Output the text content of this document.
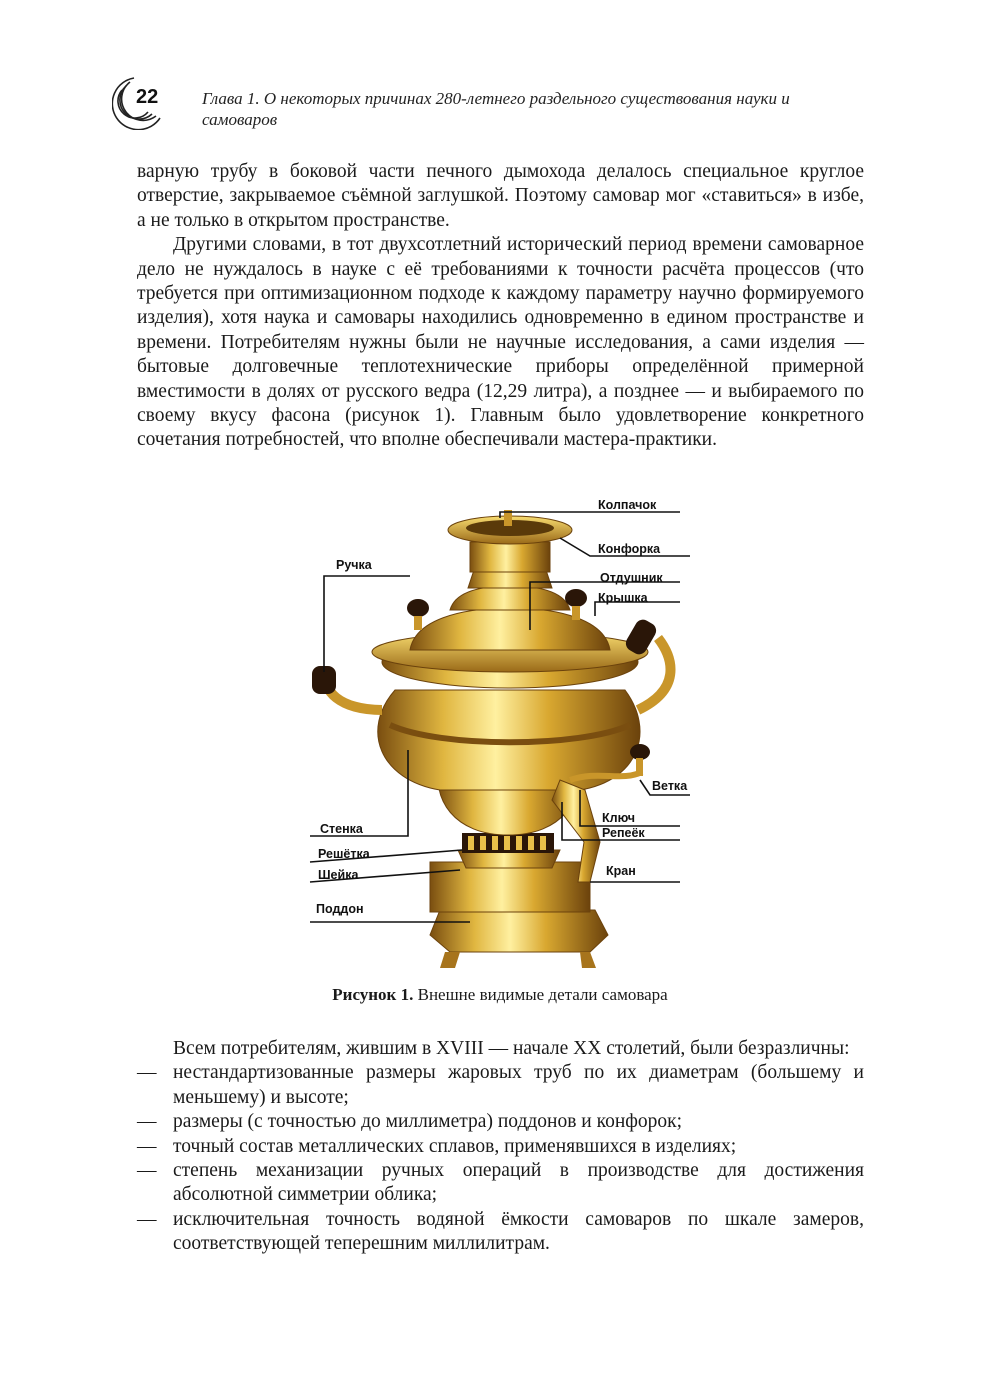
22	Глава 1. О некоторых причинах 280-летнего раздельного существования науки и самоваров

варную трубу в боковой части печного дымохода делалось специальное круглое отверстие, закрываемое съёмной заглушкой. Поэтому самовар мог «ставиться» в избе, а не только в открытом пространстве.

Другими словами, в тот двухсотлетний исторический период времени самоварное дело не нуждалось в науке с её требованиями к точности расчёта процессов (что требуется при оптимизационном подходе к каждому параметру научно формируемого изделия), хотя наука и самовары находились одновременно в едином пространстве и времени. Потребителям нужны были не научные исследования, а сами изделия — бытовые долговечные теплотехнические приборы определённой примерной вместимости в долях от русского ведра (12,29 литра), а позднее — и выбираемого по своему вкусу фасона (рисунок 1). Главным было удовлетворение конкретного сочетания потребностей, что вполне обеспечивали мастера-практики.

Колпачок
Конфорка
Ручка
Отдушник
Крышка
Ветка
Стенка
Ключ
Репеёк
Решётка
Шейка	Кран
Поддон
Рисунок 1. Внешне видимые детали самовара

Всем потребителям, жившим в XVIII — начале XX столетий, были безразличны:

— нестандартизованные размеры жаровых труб по их диаметрам (большему и меньшему) и высоте;
— размеры (с точностью до миллиметра) поддонов и конфорок;
— точный состав металлических сплавов, применявшихся в изделиях;
— степень механизации ручных операций в производстве для достижения абсолютной симметрии облика;
— исключительная точность водяной ёмкости самоваров по шкале замеров, соответствующей теперешним миллилитрам.
